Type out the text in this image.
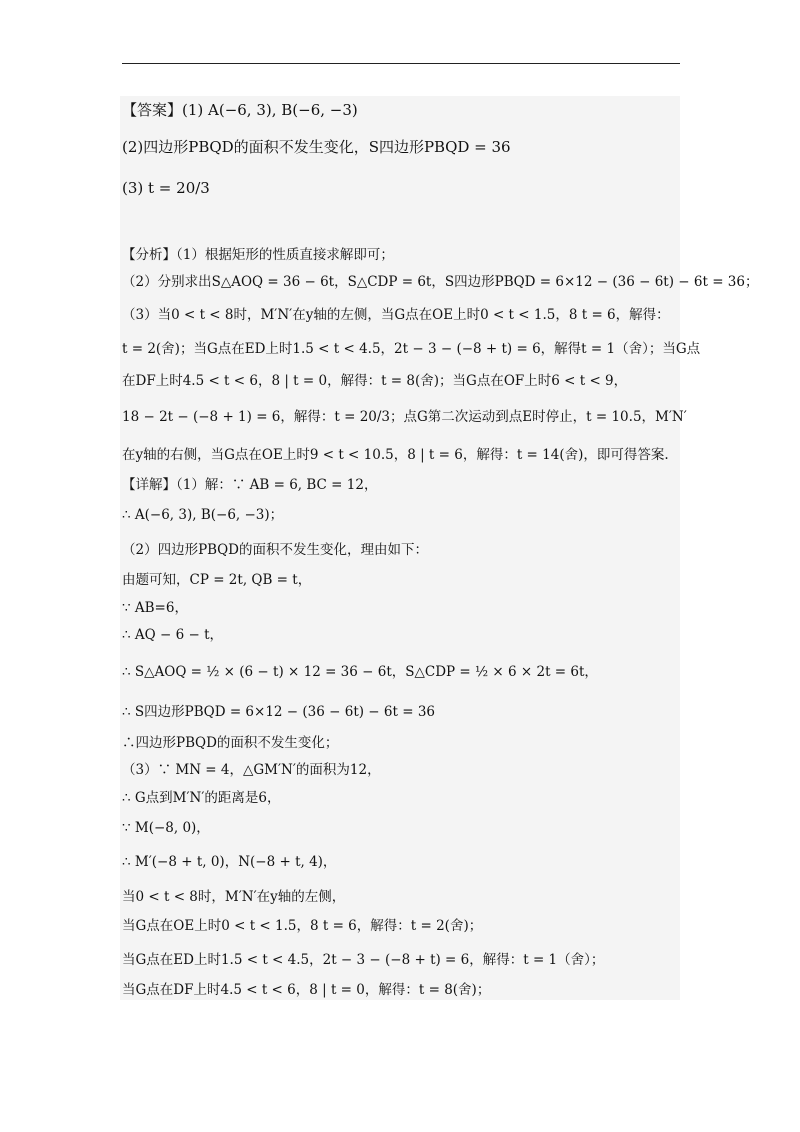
【答案】(1) A(−6, 3), B(−6, −3)
(2)四边形PBQD的面积不发生变化，S四边形PBQD = 36
(3) t = 20/3
【分析】（1）根据矩形的性质直接求解即可；
（2）分别求出S△AOQ = 36 − 6t，S△CDP = 6t，S四边形PBQD = 6×12 − (36 − 6t) − 6t = 36；
（3）当0 < t < 8时，M′N′在y轴的左侧，当G点在OE上时0 < t < 1.5，8 t = 6，解得：
t = 2(舍)；当G点在ED上时1.5 < t < 4.5，2t − 3 − (−8 + t) = 6，解得t = 1（舍）；当G点
在DF上时4.5 < t < 6，8 | t = 0，解得：t = 8(舍)；当G点在OF上时6 < t < 9，
18 − 2t − (−8 + 1) = 6，解得：t = 20/3；点G第二次运动到点E时停止，t = 10.5，M′N′
在y轴的右侧，当G点在OE上时9 < t < 10.5，8 | t = 6，解得：t = 14(舍)，即可得答案.
【详解】（1）解：∵ AB = 6, BC = 12，
∴ A(−6, 3), B(−6, −3)；
（2）四边形PBQD的面积不发生变化，理由如下：
由题可知，CP = 2t, QB = t，
∵ AB=6，
∴ AQ − 6 − t，
∴ S△AOQ = ½ × (6 − t) × 12 = 36 − 6t，S△CDP = ½ × 6 × 2t = 6t，
∴ S四边形PBQD = 6×12 − (36 − 6t) − 6t = 36
∴四边形PBQD的面积不发生变化；
（3）∵ MN = 4，△GM′N′的面积为12，
∴ G点到M′N′的距离是6，
∵ M(−8, 0)，
∴ M′(−8 + t, 0)，N(−8 + t, 4)，
当0 < t < 8时，M′N′在y轴的左侧，
当G点在OE上时0 < t < 1.5，8 t = 6，解得：t = 2(舍)；
当G点在ED上时1.5 < t < 4.5，2t − 3 − (−8 + t) = 6，解得：t = 1（舍）；
当G点在DF上时4.5 < t < 6，8 | t = 0，解得：t = 8(舍)；
